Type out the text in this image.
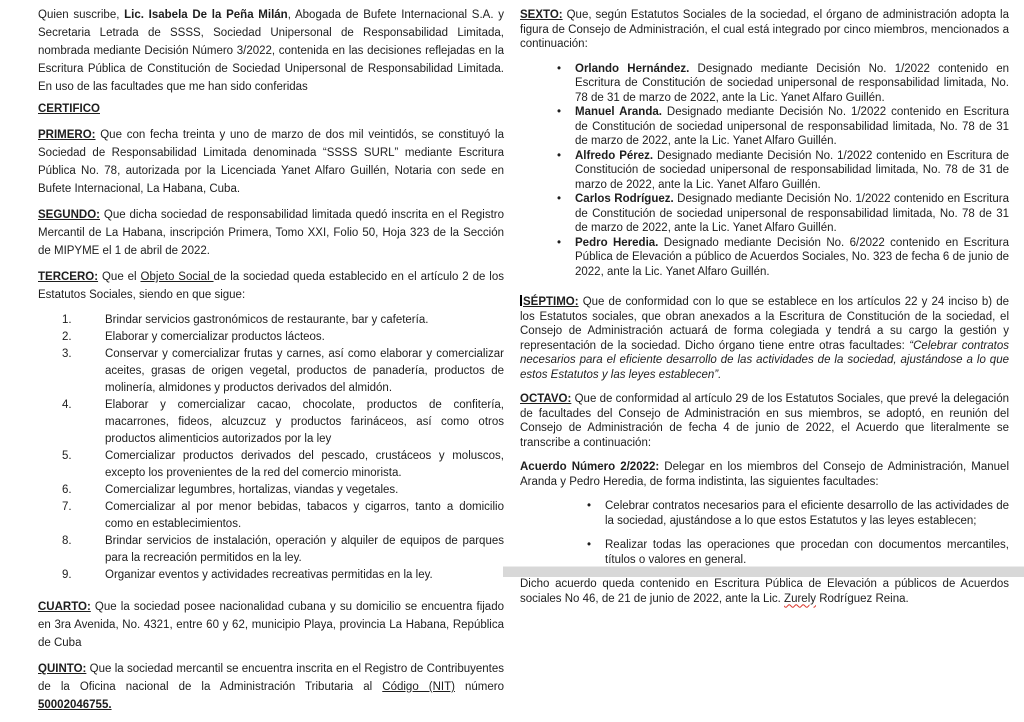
Quien suscribe, Lic. Isabela De la Peña Milán, Abogada de Bufete Internacional S.A. y Secretaria Letrada de SSSS, Sociedad Unipersonal de Responsabilidad Limitada, nombrada mediante Decisión Número 3/2022, contenida en las decisiones reflejadas en la Escritura Pública de Constitución de Sociedad Unipersonal de Responsabilidad Limitada. En uso de las facultades que me han sido conferidas

CERTIFICO

PRIMERO: Que con fecha treinta y uno de marzo de dos mil veintidós, se constituyó la Sociedad de Responsabilidad Limitada denominada “SSSS SURL” mediante Escritura Pública No. 78, autorizada por la Licenciada Yanet Alfaro Guillén, Notaria con sede en Bufete Internacional, La Habana, Cuba.

SEGUNDO: Que dicha sociedad de responsabilidad limitada quedó inscrita en el Registro Mercantil de La Habana, inscripción Primera, Tomo XXI, Folio 50, Hoja 323 de la Sección de MIPYME el 1 de abril de 2022.

TERCERO: Que el Objeto Social de la sociedad queda establecido en el artículo 2 de los Estatutos Sociales, siendo en que sigue:

1.	Brindar servicios gastronómicos de restaurante, bar y cafetería.
2.	Elaborar y comercializar productos lácteos.
3.	Conservar y comercializar frutas y carnes, así como elaborar y comercializar aceites, grasas de origen vegetal, productos de panadería, productos de molinería, almidones y productos derivados del almidón.
4.	Elaborar y comercializar cacao, chocolate, productos de confitería, macarrones, fideos, alcuzcuz y productos farináceos, así como otros productos alimenticios autorizados por la ley
5.	Comercializar productos derivados del pescado, crustáceos y moluscos, excepto los provenientes de la red del comercio minorista.
6.	Comercializar legumbres, hortalizas, viandas y vegetales.
7.	Comercializar al por menor bebidas, tabacos y cigarros, tanto a domicilio como en establecimientos.
8.	Brindar servicios de instalación, operación y alquiler de equipos de parques para la recreación permitidos en la ley.
9.	Organizar eventos y actividades recreativas permitidas en la ley.

CUARTO: Que la sociedad posee nacionalidad cubana y su domicilio se encuentra fijado en 3ra Avenida, No. 4321, entre 60 y 62, municipio Playa, provincia La Habana, República de Cuba

QUINTO: Que la sociedad mercantil se encuentra inscrita en el Registro de Contribuyentes de la Oficina nacional de la Administración Tributaria al Código (NIT) número 50002046755.

SEXTO: Que, según Estatutos Sociales de la sociedad, el órgano de administración adopta la figura de Consejo de Administración, el cual está integrado por cinco miembros, mencionados a continuación:

•	Orlando Hernández. Designado mediante Decisión No. 1/2022 contenido en Escritura de Constitución de sociedad unipersonal de responsabilidad limitada, No. 78 de 31 de marzo de 2022, ante la Lic. Yanet Alfaro Guillén.
•	Manuel Aranda. Designado mediante Decisión No. 1/2022 contenido en Escritura de Constitución de sociedad unipersonal de responsabilidad limitada, No. 78 de 31 de marzo de 2022, ante la Lic. Yanet Alfaro Guillén.
•	Alfredo Pérez. Designado mediante Decisión No. 1/2022 contenido en Escritura de Constitución de sociedad unipersonal de responsabilidad limitada, No. 78 de 31 de marzo de 2022, ante la Lic. Yanet Alfaro Guillén.
•	Carlos Rodríguez. Designado mediante Decisión No. 1/2022 contenido en Escritura de Constitución de sociedad unipersonal de responsabilidad limitada, No. 78 de 31 de marzo de 2022, ante la Lic. Yanet Alfaro Guillén.
•	Pedro Heredia. Designado mediante Decisión No. 6/2022 contenido en Escritura Pública de Elevación a público de Acuerdos Sociales, No. 323 de fecha 6 de junio de 2022, ante la Lic. Yanet Alfaro Guillén.

SÉPTIMO: Que de conformidad con lo que se establece en los artículos 22 y 24 inciso b) de los Estatutos sociales, que obran anexados a la Escritura de Constitución de la sociedad, el Consejo de Administración actuará de forma colegiada y tendrá a su cargo la gestión y representación de la sociedad. Dicho órgano tiene entre otras facultades: “Celebrar contratos necesarios para el eficiente desarrollo de las actividades de la sociedad, ajustándose a lo que estos Estatutos y las leyes establecen”.

OCTAVO: Que de conformidad al artículo 29 de los Estatutos Sociales, que prevé la delegación de facultades del Consejo de Administración en sus miembros, se adoptó, en reunión del Consejo de Administración de fecha 4 de junio de 2022, el Acuerdo que literalmente se transcribe a continuación:

Acuerdo Número 2/2022: Delegar en los miembros del Consejo de Administración, Manuel Aranda y Pedro Heredia, de forma indistinta, las siguientes facultades:

•	Celebrar contratos necesarios para el eficiente desarrollo de las actividades de la sociedad, ajustándose a lo que estos Estatutos y las leyes establecen;
•	Realizar todas las operaciones que procedan con documentos mercantiles, títulos o valores en general.

Dicho acuerdo queda contenido en Escritura Pública de Elevación a públicos de Acuerdos sociales No 46, de 21 de junio de 2022, ante la Lic. Zurely Rodríguez Reina.
